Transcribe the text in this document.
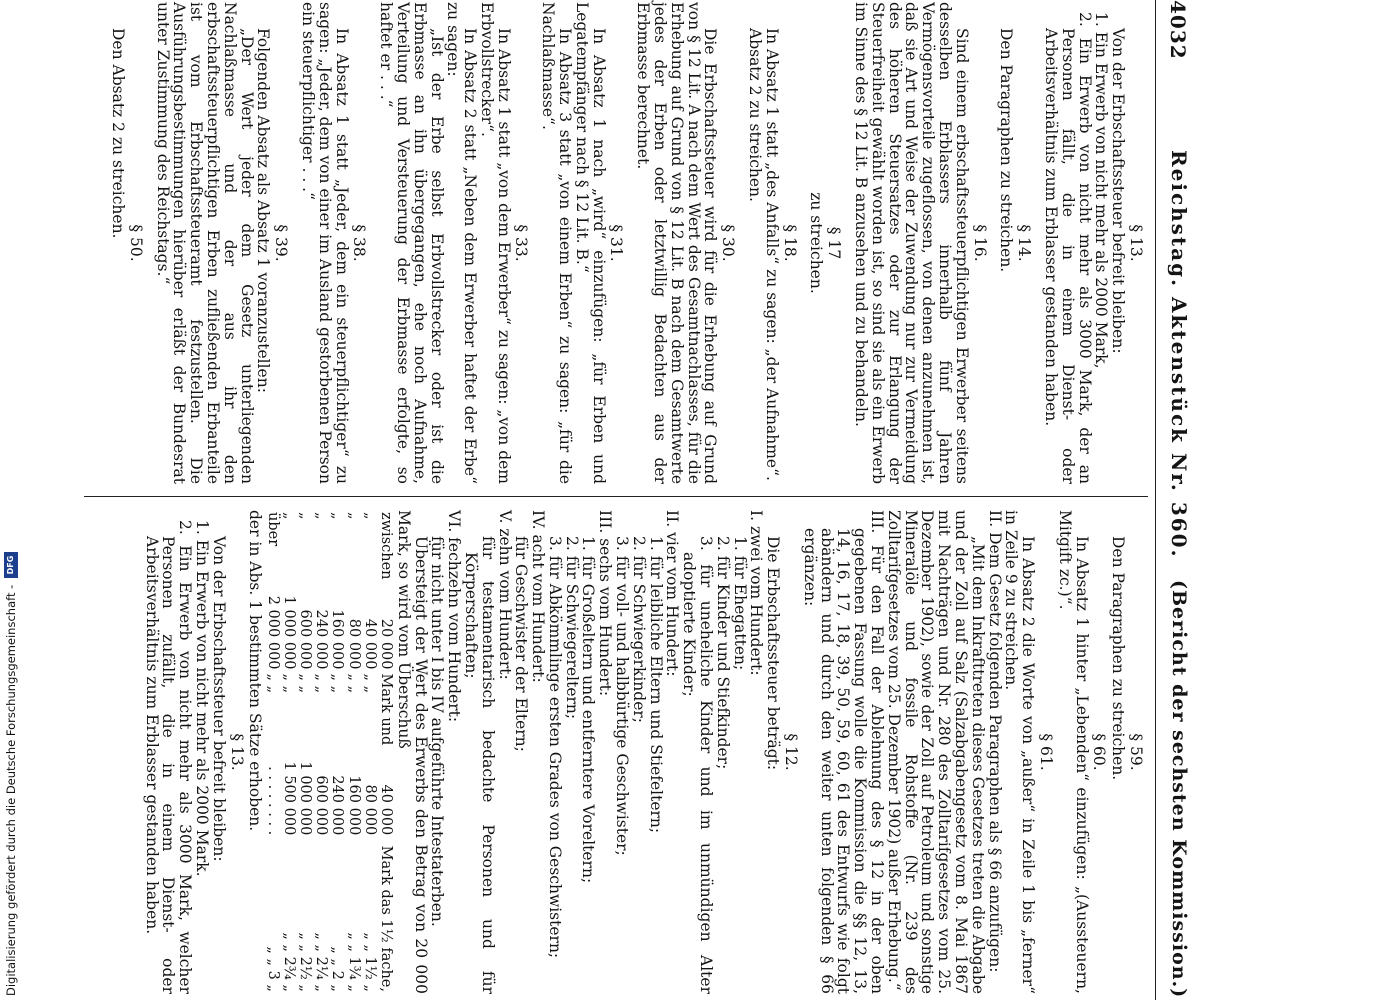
4032
Reichstag. Aktenstück Nr. 360.
(Bericht der sechsten Kommission.)

§ 13.

Von der Erbschaftssteuer befreit bleiben:

1. Ein Erwerb von nicht mehr als 2000 Mark,

2. Ein Erwerb von nicht mehr als 3000 Mark, der an Personen fällt, die in einem Dienst- oder Arbeitsverhältnis zum Erblasser gestanden haben.

§ 14.

Den Paragraphen zu streichen.

§ 16.

Sind einem erbschaftssteuerpflichtigen Erwerber seitens desselben Erblassers innerhalb fünf Jahren Vermögensvorteile zugeflossen, von denen anzunehmen ist, daß sie Art und Weise der Zuwendung nur zur Vermeidung des höheren Steuersatzes oder zur Erlangung der Steuerfreiheit gewählt worden ist, so sind sie als ein Erwerb im Sinne des § 12 Lit. B anzusehen und zu behandeln.

§ 17

zu streichen.

§ 18.

In Absatz 1 statt „des Anfalls“ zu sagen: „der Aufnahme“.

Absatz 2 zu streichen.

§ 30.

Die Erbschaftssteuer wird für die Erhebung auf Grund von § 12 Lit. A nach dem Wert des Gesamtnachlasses, für die Erhebung auf Grund von § 12 Lit. B nach dem Gesamtwerte jedes der Erben oder letztwillig Bedachten aus der Erbmasse berechnet.

§ 31.

In Absatz 1 nach „wird“ einzufügen: „für Erben und Legatempfänger nach § 12 Lit. B.“

In Absatz 3 statt „von einem Erben“ zu sagen: „für die Nachlaßmasse“.

§ 33.

In Absatz 1 statt „von dem Erwerber“ zu sagen: „von dem Erbvollstrecker“.

In Absatz 2 statt „Neben dem Erwerber haftet der Erbe“ zu sagen:

„Ist der Erbe selbst Erbvollstrecker oder ist die Erbmasse an ihn übergegangen, ehe noch Aufnahme, Verteilung und Versteuerung der Erbmasse erfolgte, so haftet er . . .“

§ 38.

In Absatz 1 statt „Jeder, dem ein steuerpflichtiger“ zu sagen: „Jeder, dem von einer im Ausland gestorbenen Person ein steuerpflichtiger . . .“

§ 39.

Folgenden Absatz als Absatz 1 voranzustellen:

„Der Wert jeder dem Gesetz unterliegenden Nachlaßmasse und der aus ihr den erbschaftssteuerpflichtigen Erben zufließenden Erbanteile ist vom Erbschaftssteueramt festzustellen. Die Ausführungsbestimmungen hierüber erläßt der Bundesrat unter Zustimmung des Reichstags.“

§ 50.

Den Absatz 2 zu streichen.

§ 59.

Den Paragraphen zu streichen.

§ 60.

In Absatz 1 hinter „Lebenden“ einzufügen: „(Aussteuern, Mitgift zc.)“.

§ 61.

In Absatz 2 die Worte von „außer“ in Zeile 1 bis „ferner“ in Zeile 9 zu streichen.

II. Dem Gesetz folgenden Paragraphen als § 66 anzufügen:

„Mit dem Inkrafttreten dieses Gesetzes treten die Abgabe und der Zoll auf Salz (Salzabgabengesetz vom 8. Mai 1867 mit Nachträgen und Nr. 280 des Zolltarifgesetzes vom 25. Dezember 1902), sowie der Zoll auf Petroleum und sonstige Mineralöle und fossile Rohstoffe (Nr. 239 des Zolltarifgesetzes vom 25. Dezember 1902) außer Erhebung.“

III. Für den Fall der Ablehnung des § 12 in der oben gegebenen Fassung wolle die Kommission die §§ 12, 13, 14, 16, 17, 18, 39, 50, 59, 60, 61 des Entwurfs wie folgt abändern und durch den weiter unten folgenden § 66 ergänzen:

§ 12.

Die Erbschaftssteuer beträgt:

I. zwei vom Hundert:

1. für Ehegatten;

2. für Kinder und Stiefkinder;

3. für uneheliche Kinder und im unmündigen Alter adoptierte Kinder;

II. vier vom Hundert:

1. für leibliche Eltern und Stiefeltern;

2. für Schwiegerkinder;

3. für voll- und halbbürtige Geschwister;

III. sechs vom Hundert:

1. für Großeltern und entferntere Voreltern;

2. für Schwiegereltern;

3. für Abkömmlinge ersten Grades von Geschwistern;

IV. acht vom Hundert:

für Geschwister der Eltern;

V. zehn vom Hundert:

für testamentarisch bedachte Personen und für Körperschaften;

VI. fechzehn vom Hundert:

für nicht unter I bis IV aufgeführte Intestaterben.

Übersteigt der Wert des Erwerbs den Betrag von 20 000 Mark, so wird vom Überschuß

zwischen	20 000	Mark und	40 000	Mark das 1½ fache,
„	40 000	„ „	80 000	„ „ 1½ „
„	80 000	„ „	160 000	„ „ 1¾ „
„	160 000	„ „	240 000	„ „ 2 „
„	240 000	„ „	600 000	„ „ 2¼ „
„	600 000	„ „	1 000 000	„ „ 2½ „
„	1 000 000	„ „	1 500 000	„ „ 2¾ „
über	2 000 000	„ „	. . . . . . . .	„ „ 3 „

der in Abs. 1 bestimmten Sätze erhoben.

§ 13.

Von der Erbschaftssteuer befreit bleiben:

1. Ein Erwerb von nicht mehr als 2000 Mark.

2. Ein Erwerb von nicht mehr als 3000 Mark, welcher Personen zufällt, die in einem Dienst- oder Arbeitsverhältnis zum Erblasser gestanden haben.

Digitalisierung gefördert durch die Deutsche Forschungsgemeinschaft - DFG
